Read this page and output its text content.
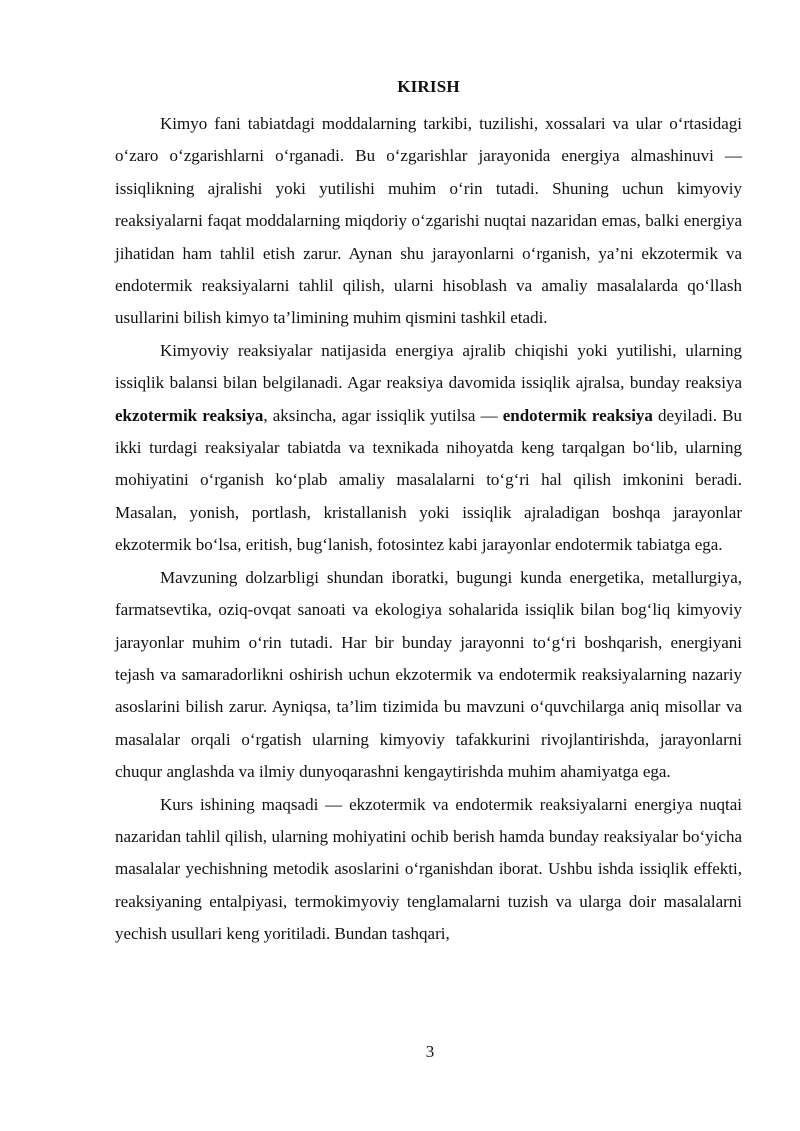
KIRISH

Kimyo fani tabiatdagi moddalarning tarkibi, tuzilishi, xossalari va ular o‘rtasidagi o‘zaro o‘zgarishlarni o‘rganadi. Bu o‘zgarishlar jarayonida energiya almashinuvi — issiqlikning ajralishi yoki yutilishi muhim o‘rin tutadi. Shuning uchun kimyoviy reaksiyalarni faqat moddalarning miqdoriy o‘zgarishi nuqtai nazaridan emas, balki energiya jihatidan ham tahlil etish zarur. Aynan shu jarayonlarni o‘rganish, ya’ni ekzotermik va endotermik reaksiyalarni tahlil qilish, ularni hisoblash va amaliy masalalarda qo‘llash usullarini bilish kimyo ta’limining muhim qismini tashkil etadi.

Kimyoviy reaksiyalar natijasida energiya ajralib chiqishi yoki yutilishi, ularning issiqlik balansi bilan belgilanadi. Agar reaksiya davomida issiqlik ajralsa, bunday reaksiya ekzotermik reaksiya, aksincha, agar issiqlik yutilsa — endotermik reaksiya deyiladi. Bu ikki turdagi reaksiyalar tabiatda va texnikada nihoyatda keng tarqalgan bo‘lib, ularning mohiyatini o‘rganish ko‘plab amaliy masalalarni to‘g‘ri hal qilish imkonini beradi. Masalan, yonish, portlash, kristallanish yoki issiqlik ajraladigan boshqa jarayonlar ekzotermik bo‘lsa, eritish, bug‘lanish, fotosintez kabi jarayonlar endotermik tabiatga ega.

Mavzuning dolzarbligi shundan iboratki, bugungi kunda energetika, metallurgiya, farmatsevtika, oziq-ovqat sanoati va ekologiya sohalarida issiqlik bilan bog‘liq kimyoviy jarayonlar muhim o‘rin tutadi. Har bir bunday jarayonni to‘g‘ri boshqarish, energiyani tejash va samaradorlikni oshirish uchun ekzotermik va endotermik reaksiyalarning nazariy asoslarini bilish zarur. Ayniqsa, ta’lim tizimida bu mavzuni o‘quvchilarga aniq misollar va masalalar orqali o‘rgatish ularning kimyoviy tafakkurini rivojlantirishda, jarayonlarni chuqur anglashda va ilmiy dunyoqarashni kengaytirishda muhim ahamiyatga ega.

Kurs ishining maqsadi — ekzotermik va endotermik reaksiyalarni energiya nuqtai nazaridan tahlil qilish, ularning mohiyatini ochib berish hamda bunday reaksiyalar bo‘yicha masalalar yechishning metodik asoslarini o‘rganishdan iborat. Ushbu ishda issiqlik effekti, reaksiyaning entalpiyasi, termokimyoviy tenglamalarni tuzish va ularga doir masalalarni yechish usullari keng yoritiladi. Bundan tashqari,

3
